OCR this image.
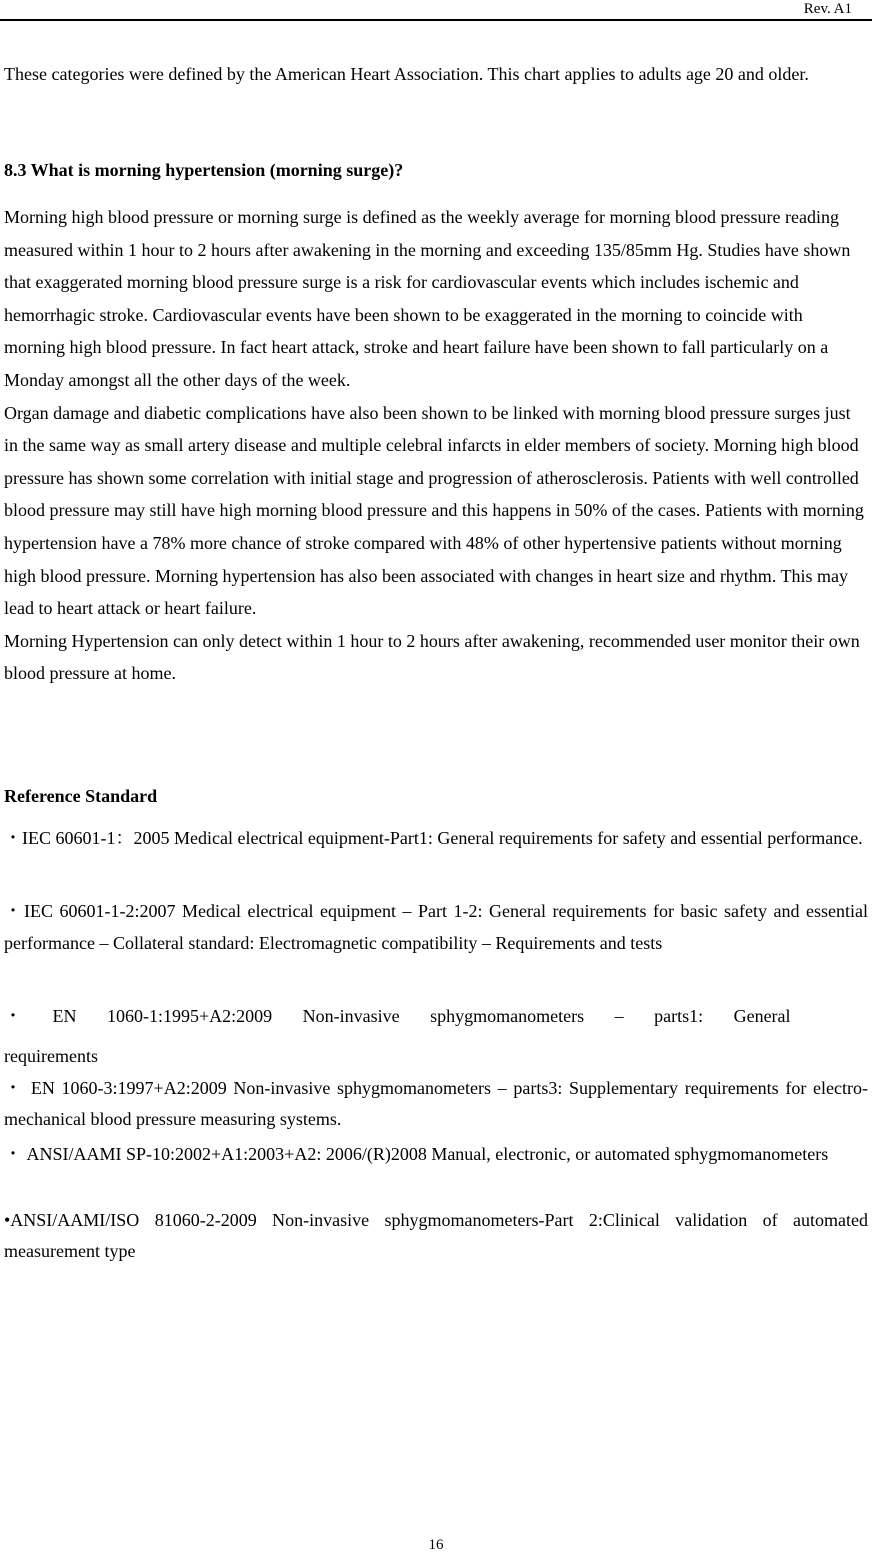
Rev. A1
These categories were defined by the American Heart Association. This chart applies to adults age 20 and older.
8.3 What is morning hypertension (morning surge)?
Morning high blood pressure or morning surge is defined as the weekly average for morning blood pressure reading measured within 1 hour to 2 hours after awakening in the morning and exceeding 135/85mm Hg. Studies have shown that exaggerated morning blood pressure surge is a risk for cardiovascular events which includes ischemic and hemorrhagic stroke. Cardiovascular events have been shown to be exaggerated in the morning to coincide with morning high blood pressure. In fact heart attack, stroke and heart failure have been shown to fall particularly on a Monday amongst all the other days of the week.
Organ damage and diabetic complications have also been shown to be linked with morning blood pressure surges just in the same way as small artery disease and multiple celebral infarcts in elder members of society. Morning high blood pressure has shown some correlation with initial stage and progression of atherosclerosis. Patients with well controlled blood pressure may still have high morning blood pressure and this happens in 50% of the cases. Patients with morning hypertension have a 78% more chance of stroke compared with 48% of other hypertensive patients without morning high blood pressure. Morning hypertension has also been associated with changes in heart size and rhythm. This may lead to heart attack or heart failure.
Morning Hypertension can only detect within 1 hour to 2 hours after awakening, recommended user monitor their own blood pressure at home.
Reference Standard
・IEC 60601-1：2005 Medical electrical equipment-Part1: General requirements for safety and essential performance.
・IEC 60601-1-2:2007 Medical electrical equipment – Part 1-2: General requirements for basic safety and essential performance – Collateral standard: Electromagnetic compatibility – Requirements and tests
・ EN 1060-1:1995+A2:2009 Non-invasive sphygmomanometers – parts1: General
requirements
・ EN 1060-3:1997+A2:2009 Non-invasive sphygmomanometers – parts3: Supplementary requirements for electro-mechanical blood pressure measuring systems.
・ ANSI/AAMI SP-10:2002+A1:2003+A2: 2006/(R)2008 Manual, electronic, or automated sphygmomanometers
•ANSI/AAMI/ISO 81060-2-2009 Non-invasive sphygmomanometers-Part 2:Clinical validation of automated measurement type
16
